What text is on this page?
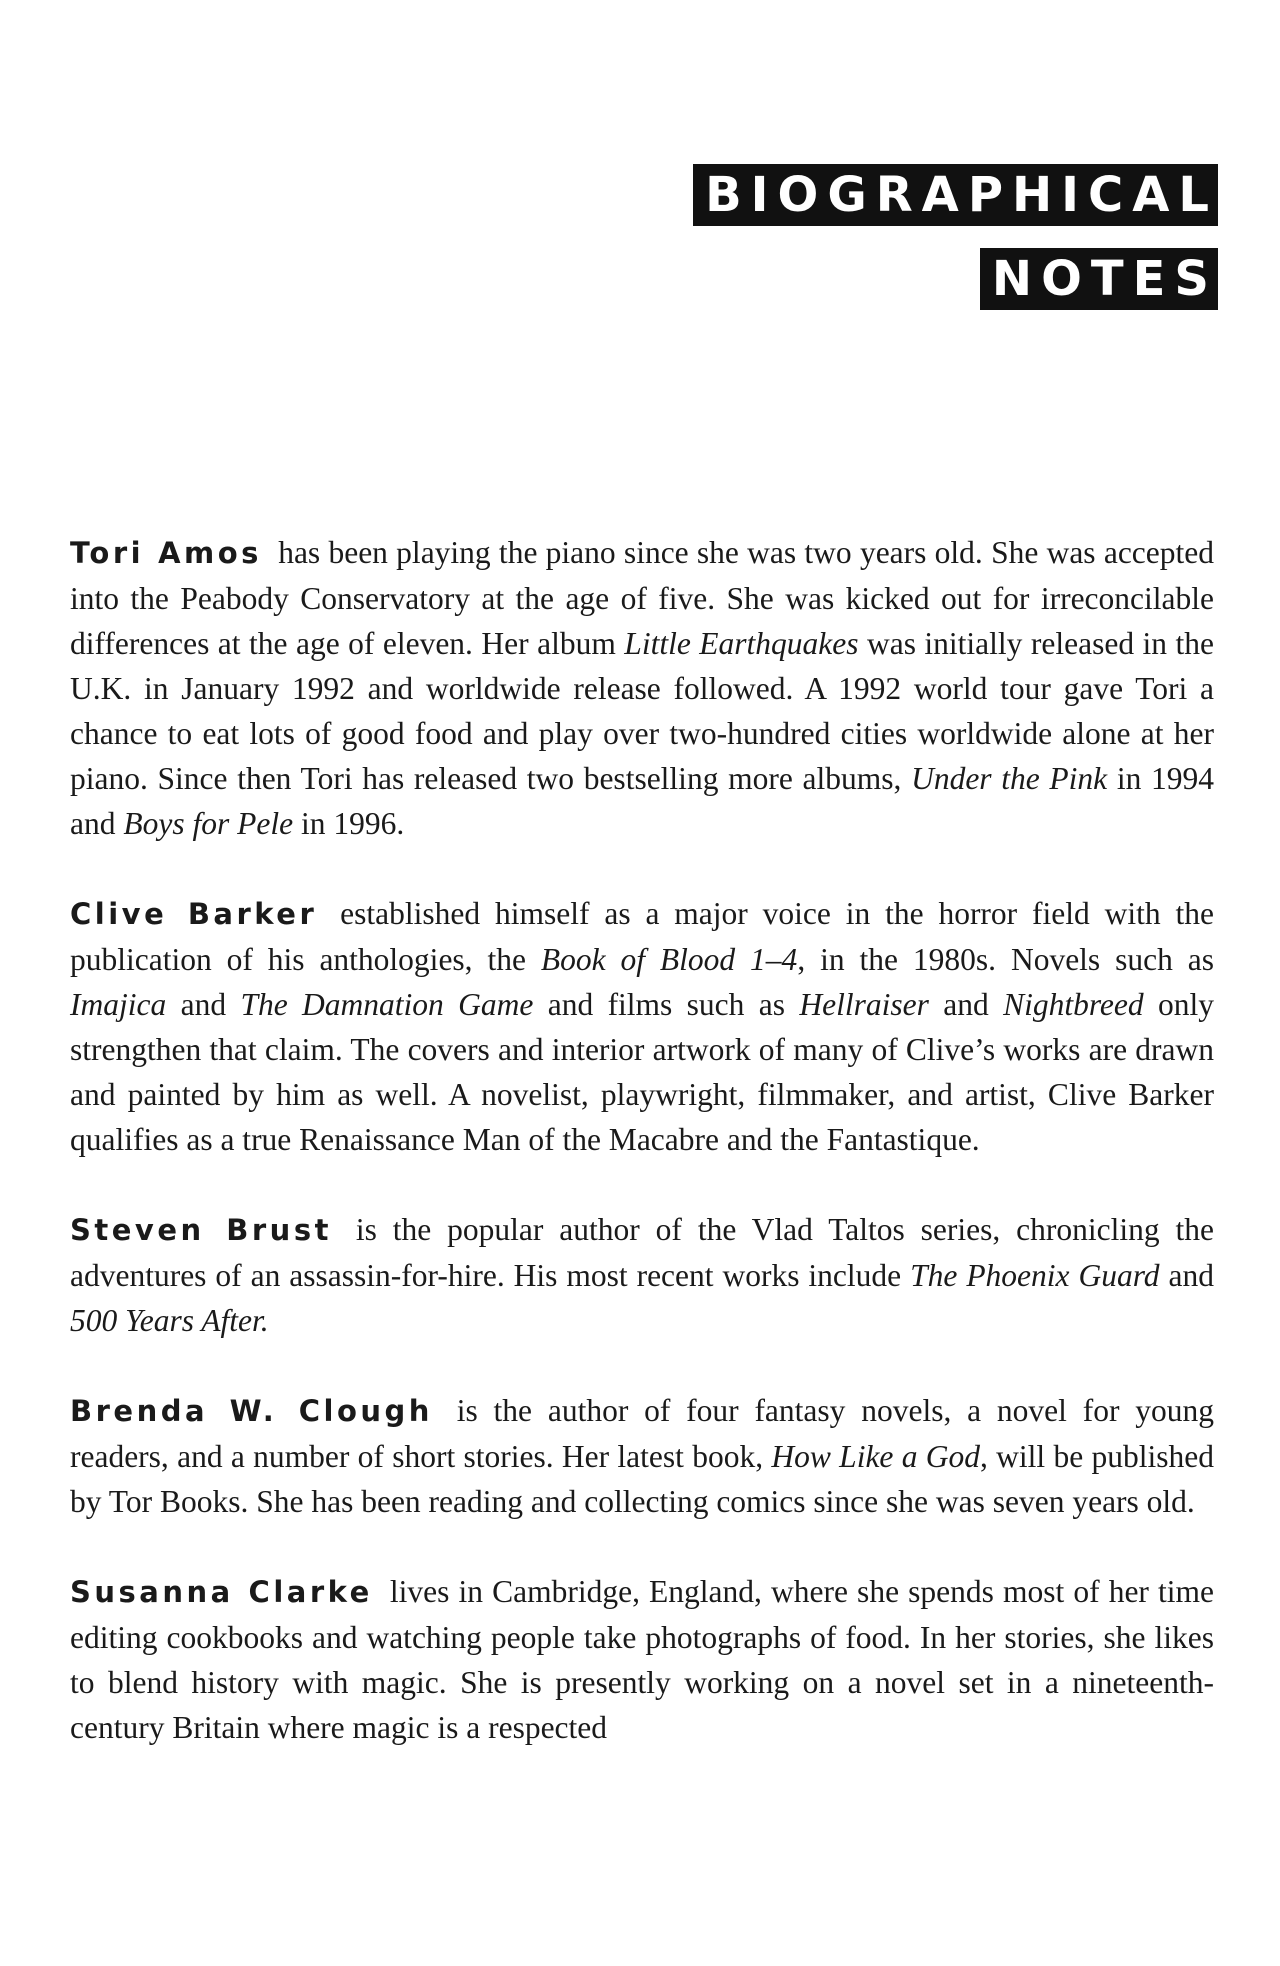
BIOGRAPHICAL
NOTES

Tori Amos has been playing the piano since she was two years old. She was accepted into the Peabody Conservatory at the age of five. She was kicked out for irreconcilable differences at the age of eleven. Her album Little Earthquakes was initially released in the U.K. in January 1992 and worldwide release followed. A 1992 world tour gave Tori a chance to eat lots of good food and play over two-hundred cities worldwide alone at her piano. Since then Tori has released two bestselling more albums, Under the Pink in 1994 and Boys for Pele in 1996.

Clive Barker established himself as a major voice in the horror field with the publication of his anthologies, the Book of Blood 1–4, in the 1980s. Novels such as Imajica and The Damnation Game and films such as Hellraiser and Nightbreed only strengthen that claim. The covers and interior artwork of many of Clive’s works are drawn and painted by him as well. A novelist, playwright, filmmaker, and artist, Clive Barker qualifies as a true Renaissance Man of the Macabre and the Fantastique.

Steven Brust is the popular author of the Vlad Taltos series, chronicling the adventures of an assassin-for-hire. His most recent works include The Phoenix Guard and 500 Years After.

Brenda W. Clough is the author of four fantasy novels, a novel for young readers, and a number of short stories. Her latest book, How Like a God, will be published by Tor Books. She has been reading and collecting comics since she was seven years old.

Susanna Clarke lives in Cambridge, England, where she spends most of her time editing cookbooks and watching people take photographs of food. In her stories, she likes to blend history with magic. She is presently working on a novel set in a nineteenth-century Britain where magic is a respected
